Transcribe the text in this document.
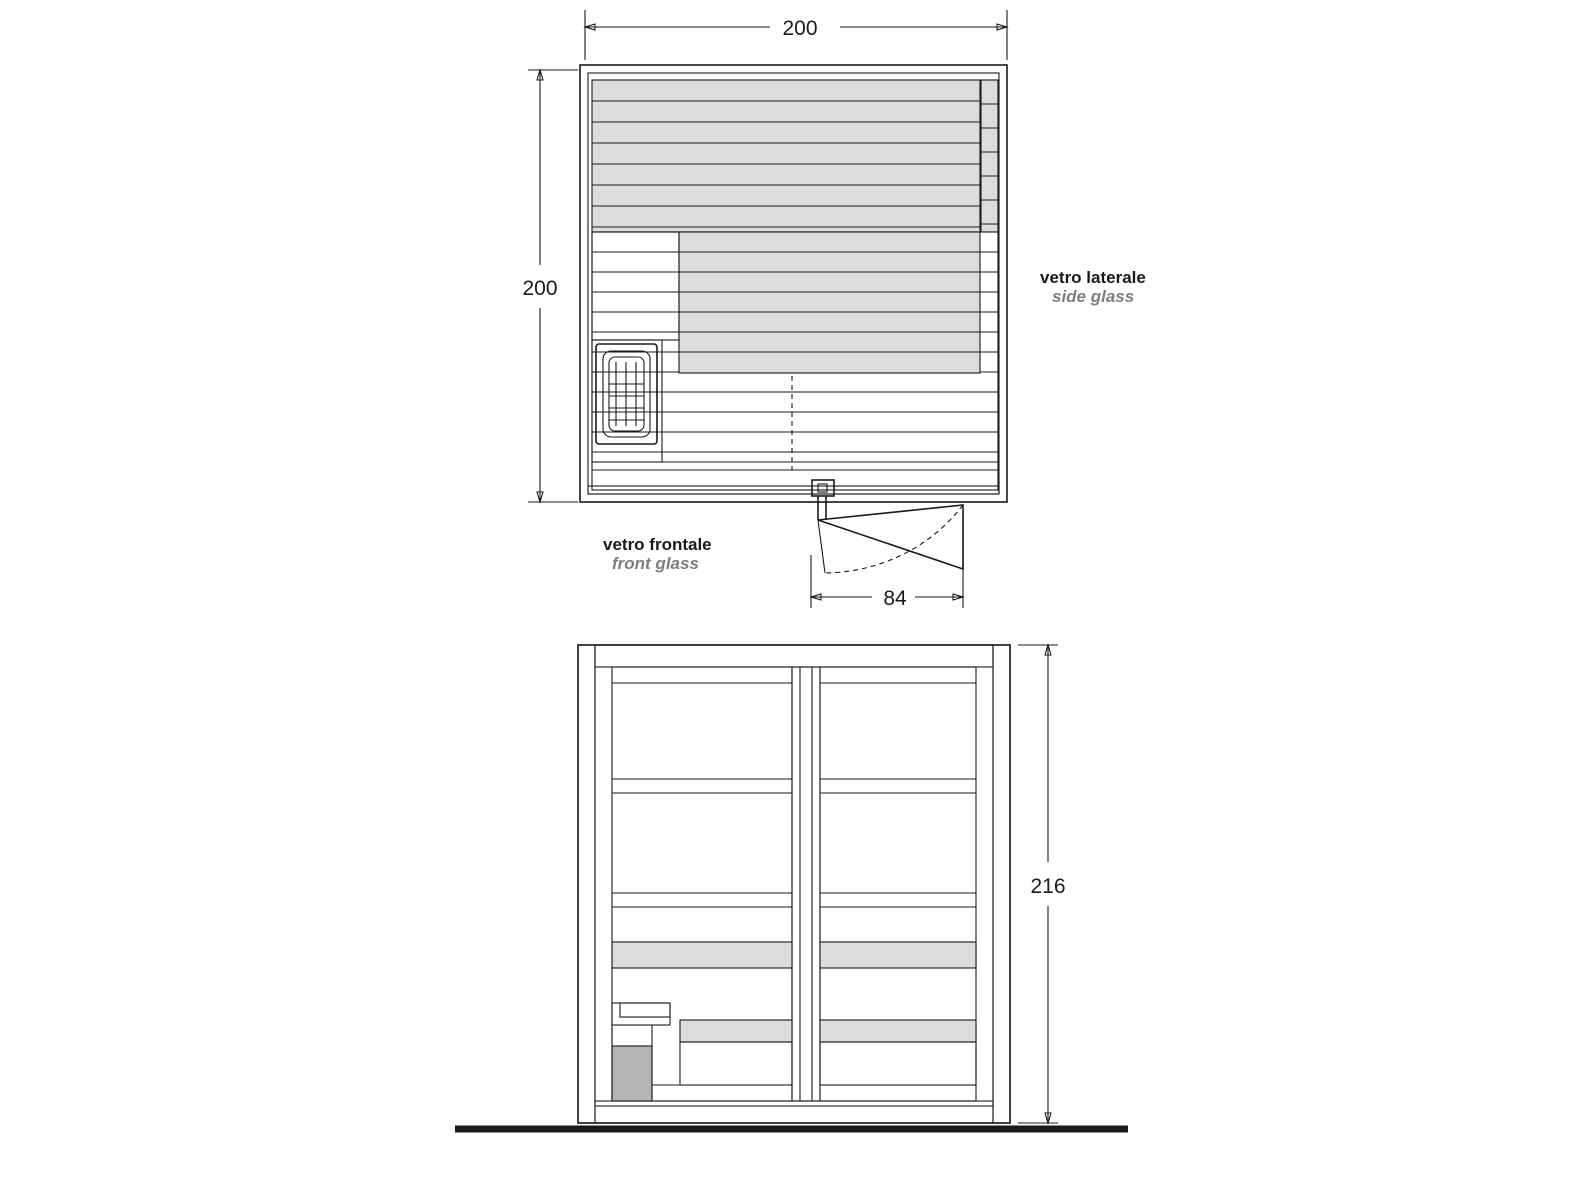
200
200
84
216
vetro laterale
side glass
vetro frontale
front glass
